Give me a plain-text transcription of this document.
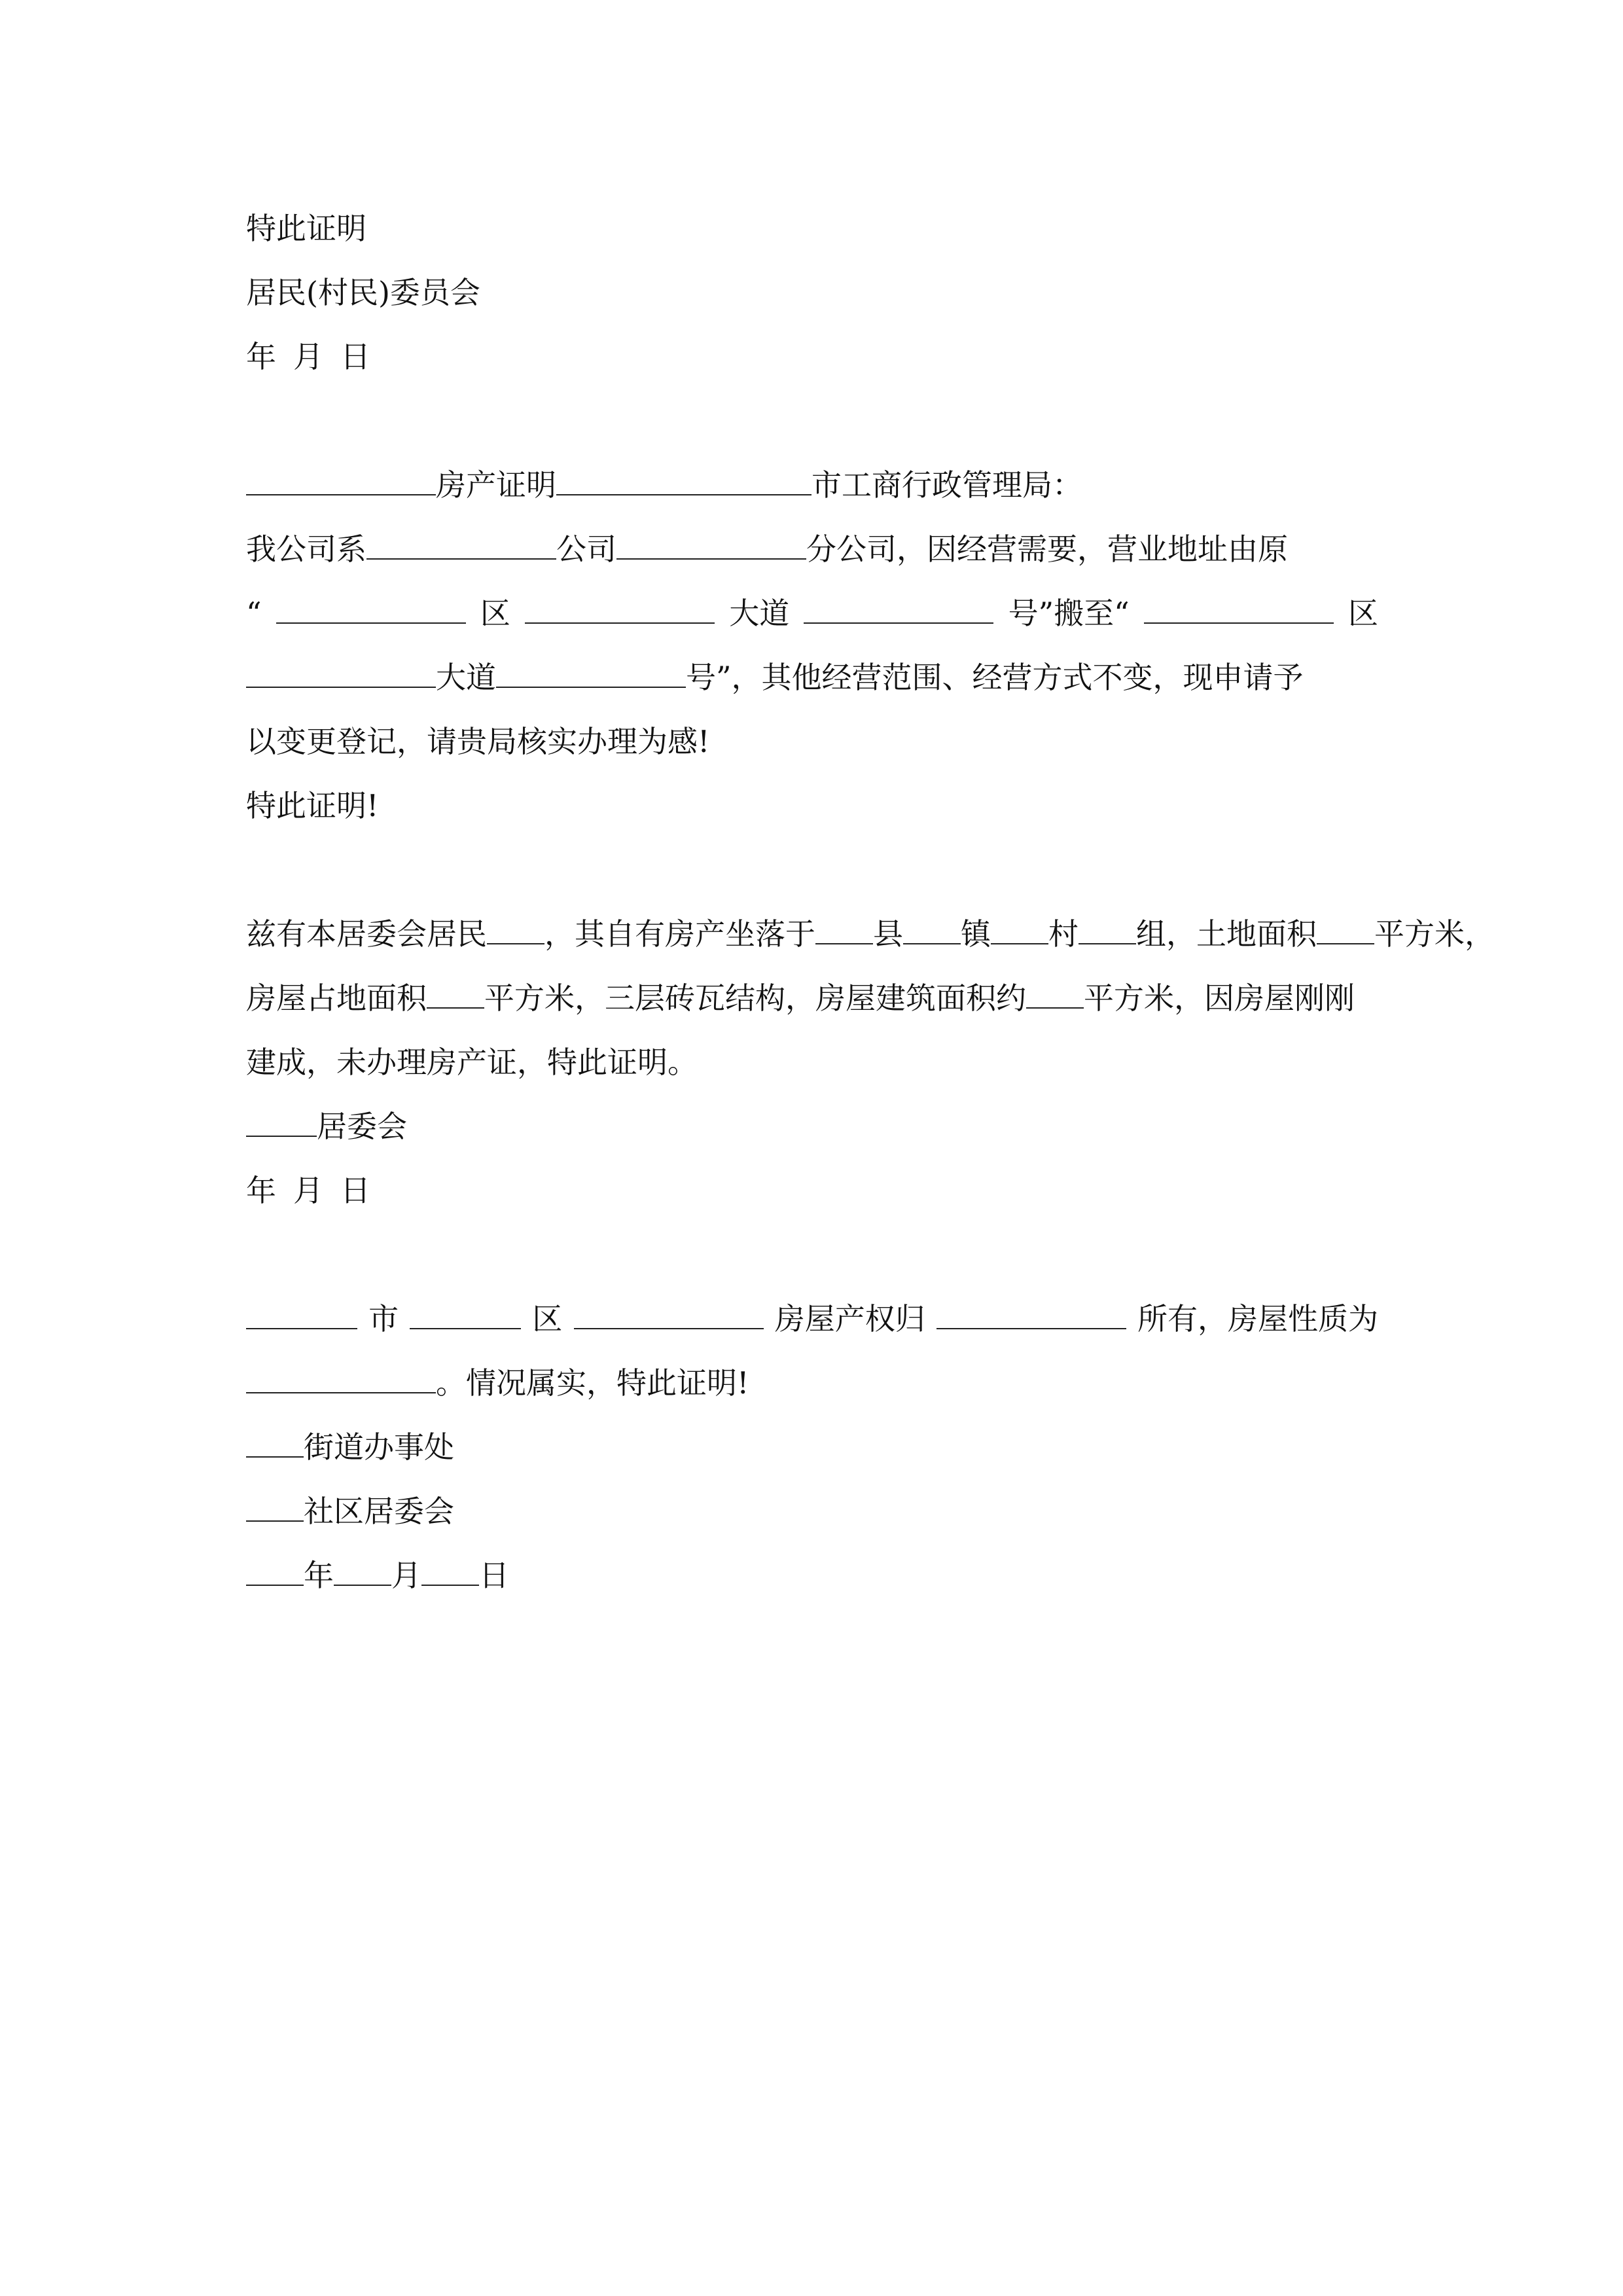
特此证明
居民(村民)委员会
年 月 日
房产证明	市工商行政管理局：
我公司系	公司	分公司，因经营需要，营业地址由原
“	区	大道	号”搬至“	区
大道	号”，其他经营范围、经营方式不变，现申请予
以变更登记，请贵局核实办理为感!
特此证明!
兹有本居委会居民 ，其自有房产坐落于 县 镇 村 组，土地面积 平方米，
房屋占地面积 平方米，三层砖瓦结构，房屋建筑面积约 平方米，因房屋刚刚
建成，未办理房产证，特此证明。
居委会
年 月 日
市	区	房屋产权归	所有，房屋性质为
。情况属实，特此证明!
街道办事处
社区居委会
年 月 日
